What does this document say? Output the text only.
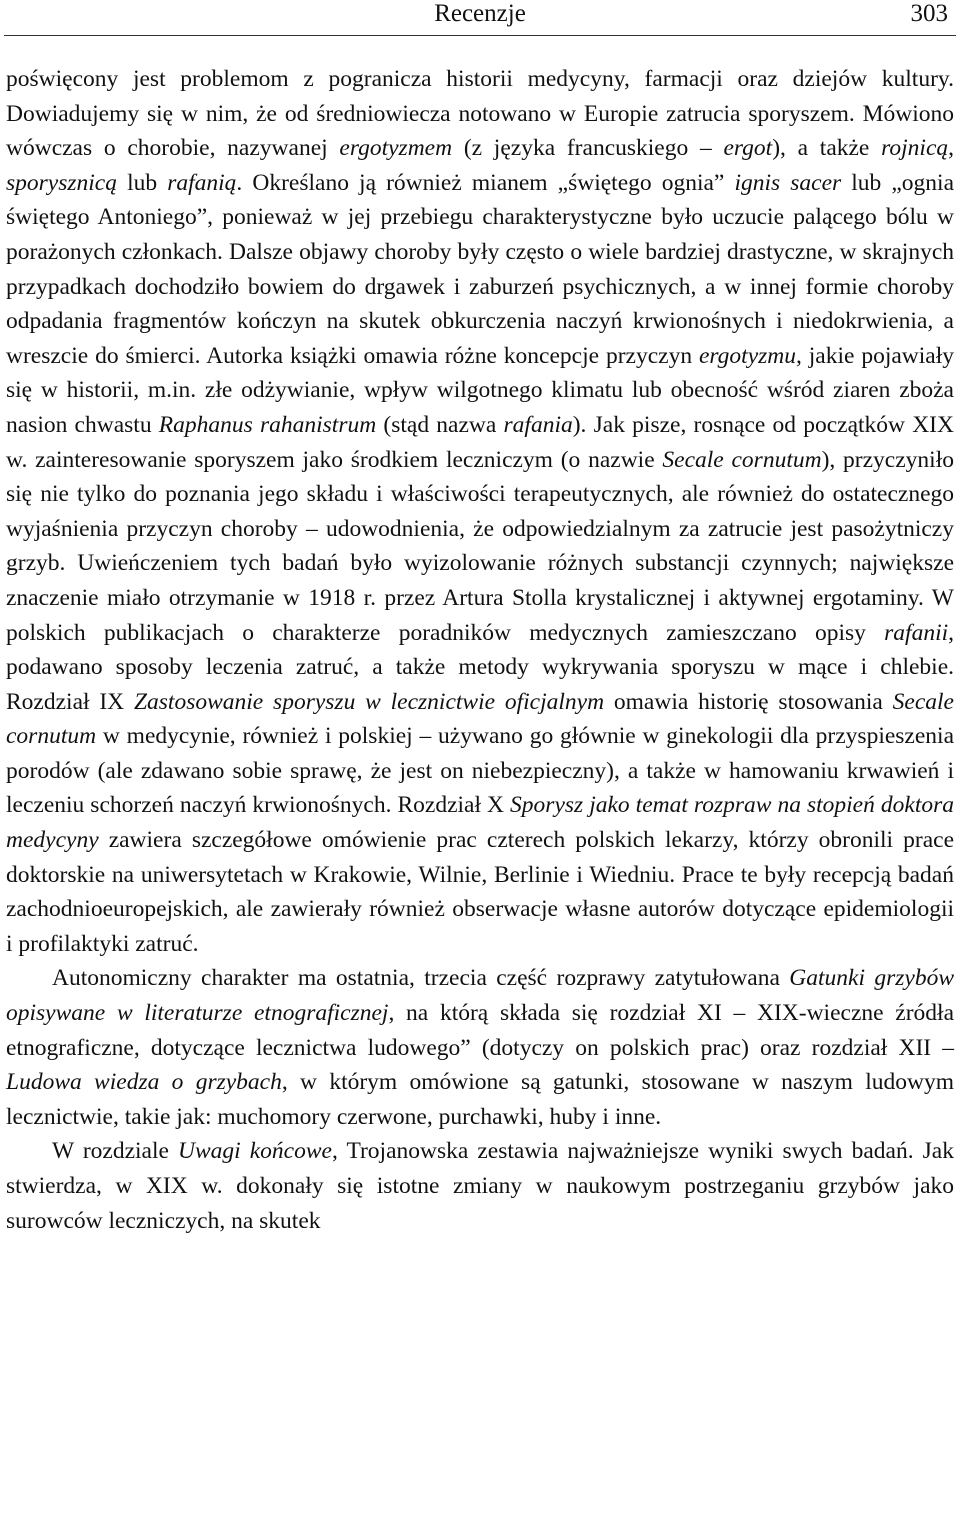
Recenzje	303

poświęcony jest problemom z pogranicza historii medycyny, farmacji oraz dziejów kultury. Dowiadujemy się w nim, że od średniowiecza notowano w Europie zatrucia sporyszem. Mówiono wówczas o chorobie, nazywanej ergotyzmem (z języka francuskiego – ergot), a także rojnicą, sporysznicą lub rafanią. Określano ją również mianem „świętego ognia” ignis sacer lub „ognia świętego Antoniego”, ponieważ w jej przebiegu charakterystyczne było uczucie palącego bólu w porażonych członkach. Dalsze objawy choroby były często o wiele bardziej drastyczne, w skrajnych przypadkach dochodziło bowiem do drgawek i zaburzeń psychicznych, a w innej formie choroby odpadania fragmentów kończyn na skutek obkurczenia naczyń krwionośnych i niedokrwienia, a wreszcie do śmierci. Autorka książki omawia różne koncepcje przyczyn ergotyzmu, jakie pojawiały się w historii, m.in. złe odżywianie, wpływ wilgotnego klimatu lub obecność wśród ziaren zboża nasion chwastu Raphanus rahanistrum (stąd nazwa rafania). Jak pisze, rosnące od początków XIX w. zainteresowanie sporyszem jako środkiem leczniczym (o nazwie Secale cornutum), przyczyniło się nie tylko do poznania jego składu i właściwości terapeutycznych, ale również do ostatecznego wyjaśnienia przyczyn choroby – udowodnienia, że odpowiedzialnym za zatrucie jest pasożytniczy grzyb. Uwieńczeniem tych badań było wyizolowanie różnych substancji czynnych; największe znaczenie miało otrzymanie w 1918 r. przez Artura Stolla krystalicznej i aktywnej ergotaminy. W polskich publikacjach o charakterze poradników medycznych zamieszczano opisy rafanii, podawano sposoby leczenia zatruć, a także metody wykrywania sporyszu w mące i chlebie. Rozdział IX Zastosowanie sporyszu w lecznictwie oficjalnym omawia historię stosowania Secale cornutum w medycynie, również i polskiej – używano go głównie w ginekologii dla przyspieszenia porodów (ale zdawano sobie sprawę, że jest on niebezpieczny), a także w hamowaniu krwawień i leczeniu schorzeń naczyń krwionośnych. Rozdział X Sporysz jako temat rozpraw na stopień doktora medycyny zawiera szczegółowe omówienie prac czterech polskich lekarzy, którzy obronili prace doktorskie na uniwersytetach w Krakowie, Wilnie, Berlinie i Wiedniu. Prace te były recepcją badań zachodnioeuropejskich, ale zawierały również obserwacje własne autorów dotyczące epidemiologii i profilaktyki zatruć.

Autonomiczny charakter ma ostatnia, trzecia część rozprawy zatytułowana Gatunki grzybów opisywane w literaturze etnograficznej, na którą składa się rozdział XI – XIX-wieczne źródła etnograficzne, dotyczące lecznictwa ludowego” (dotyczy on polskich prac) oraz rozdział XII –Ludowa wiedza o grzybach, w którym omówione są gatunki, stosowane w naszym ludowym lecznictwie, takie jak: muchomory czerwone, purchawki, huby i inne.

W rozdziale Uwagi końcowe, Trojanowska zestawia najważniejsze wyniki swych badań. Jak stwierdza, w XIX w. dokonały się istotne zmiany w naukowym postrzeganiu grzybów jako surowców leczniczych, na skutek
